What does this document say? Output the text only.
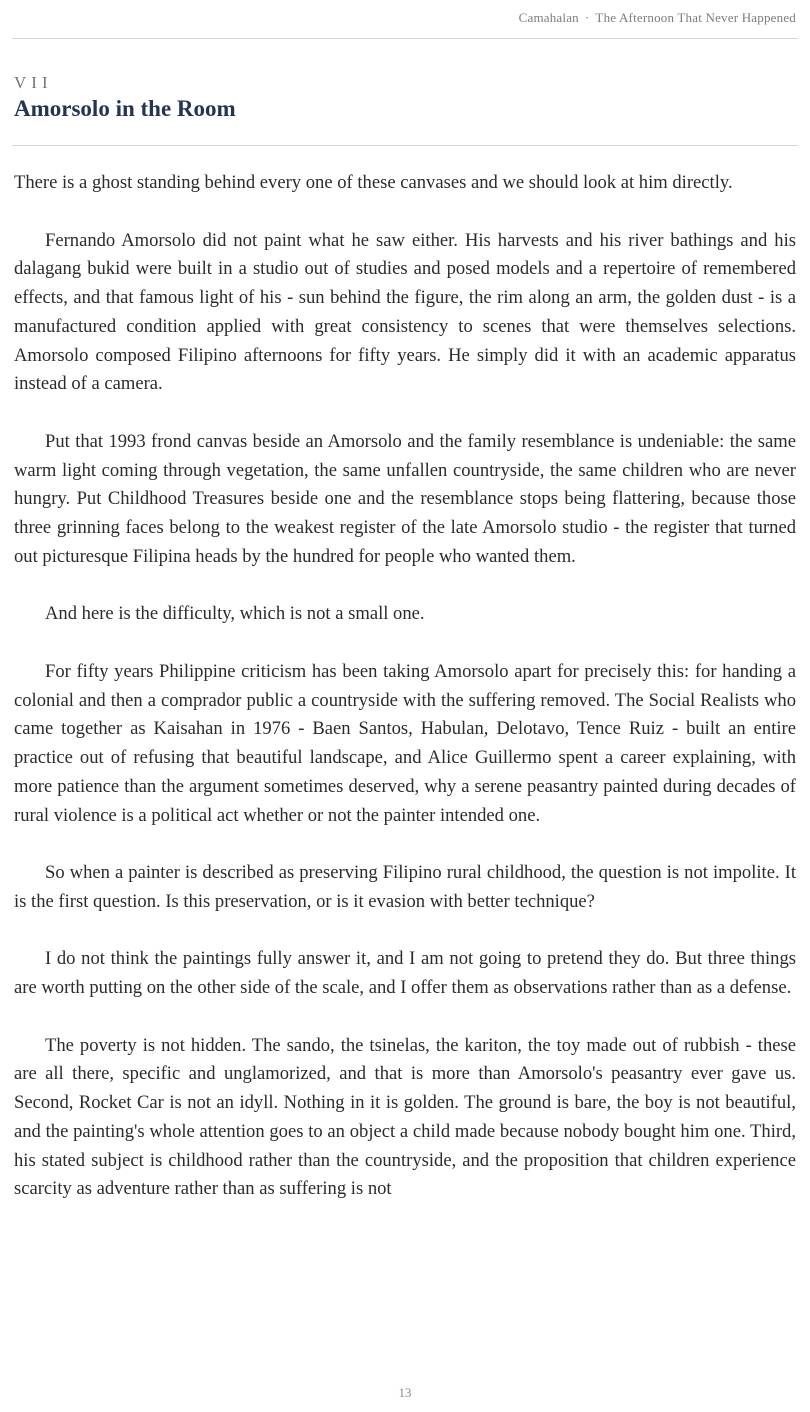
Camahalan · The Afternoon That Never Happened
VII
Amorsolo in the Room

There is a ghost standing behind every one of these canvases and we should look at him directly.

Fernando Amorsolo did not paint what he saw either. His harvests and his river bathings and his dalagang bukid were built in a studio out of studies and posed models and a repertoire of remembered effects, and that famous light of his - sun behind the figure, the rim along an arm, the golden dust - is a manufactured condition applied with great consistency to scenes that were themselves selections. Amorsolo composed Filipino afternoons for fifty years. He simply did it with an academic apparatus instead of a camera.

Put that 1993 frond canvas beside an Amorsolo and the family resemblance is undeniable: the same warm light coming through vegetation, the same unfallen countryside, the same children who are never hungry. Put Childhood Treasures beside one and the resemblance stops being flattering, because those three grinning faces belong to the weakest register of the late Amorsolo studio - the register that turned out picturesque Filipina heads by the hundred for people who wanted them.

And here is the difficulty, which is not a small one.

For fifty years Philippine criticism has been taking Amorsolo apart for precisely this: for handing a colonial and then a comprador public a countryside with the suffering removed. The Social Realists who came together as Kaisahan in 1976 - Baen Santos, Habulan, Delotavo, Tence Ruiz - built an entire practice out of refusing that beautiful landscape, and Alice Guillermo spent a career explaining, with more patience than the argument sometimes deserved, why a serene peasantry painted during decades of rural violence is a political act whether or not the painter intended one.

So when a painter is described as preserving Filipino rural childhood, the question is not impolite. It is the first question. Is this preservation, or is it evasion with better technique?

I do not think the paintings fully answer it, and I am not going to pretend they do. But three things are worth putting on the other side of the scale, and I offer them as observations rather than as a defense.

The poverty is not hidden. The sando, the tsinelas, the kariton, the toy made out of rubbish - these are all there, specific and unglamorized, and that is more than Amorsolo's peasantry ever gave us. Second, Rocket Car is not an idyll. Nothing in it is golden. The ground is bare, the boy is not beautiful, and the painting's whole attention goes to an object a child made because nobody bought him one. Third, his stated subject is childhood rather than the countryside, and the proposition that children experience scarcity as adventure rather than as suffering is not

13
